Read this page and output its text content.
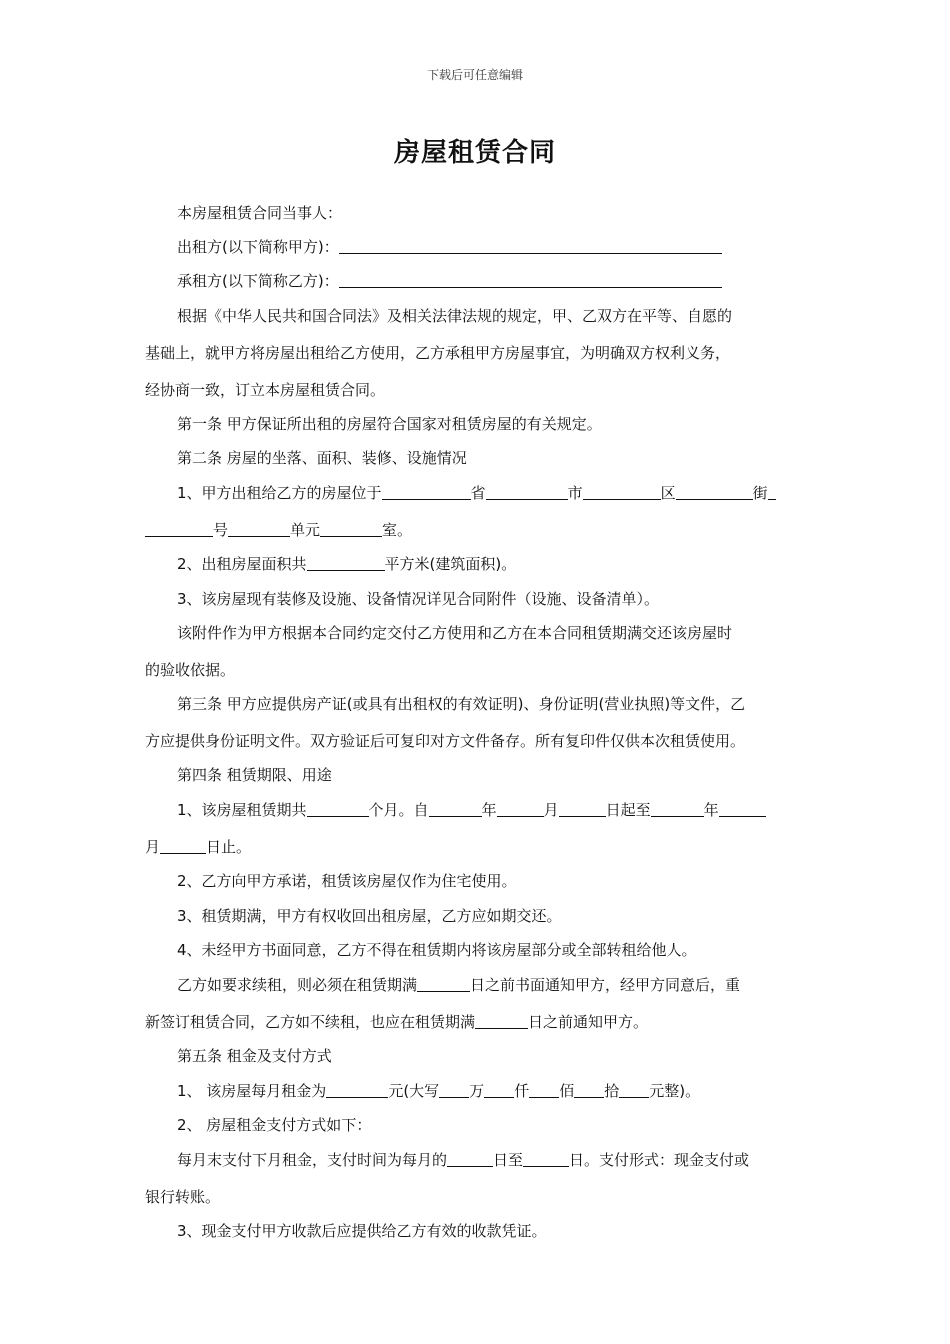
下载后可任意编辑
房屋租赁合同
本房屋租赁合同当事人：
出租方(以下简称甲方)：
承租方(以下简称乙方)：
根据《中华人民共和国合同法》及相关法律法规的规定，甲、乙双方在平等、自愿的
基础上，就甲方将房屋出租给乙方使用，乙方承租甲方房屋事宜，为明确双方权利义务，
经协商一致，订立本房屋租赁合同。
第一条 甲方保证所出租的房屋符合国家对租赁房屋的有关规定。
第二条 房屋的坐落、面积、装修、设施情况
1、甲方出租给乙方的房屋位于	省	市	区	街
号	单元	室。
2、出租房屋面积共	平方米(建筑面积)。
3、该房屋现有装修及设施、设备情况详见合同附件（设施、设备清单）。
该附件作为甲方根据本合同约定交付乙方使用和乙方在本合同租赁期满交还该房屋时
的验收依据。
第三条 甲方应提供房产证(或具有出租权的有效证明)、身份证明(营业执照)等文件，乙
方应提供身份证明文件。双方验证后可复印对方文件备存。所有复印件仅供本次租赁使用。
第四条 租赁期限、用途
1、该房屋租赁期共	个月。自	年	月	日起至	年
月	日止。
2、乙方向甲方承诺，租赁该房屋仅作为住宅使用。
3、租赁期满，甲方有权收回出租房屋，乙方应如期交还。
4、未经甲方书面同意，乙方不得在租赁期内将该房屋部分或全部转租给他人。
乙方如要求续租，则必须在租赁期满	日之前书面通知甲方，经甲方同意后，重
新签订租赁合同，乙方如不续租，也应在租赁期满	日之前通知甲方。
第五条 租金及支付方式
1、 该房屋每月租金为	元(大写 万 仟 佰 拾 元整)。
2、 房屋租金支付方式如下：
每月末支付下月租金，支付时间为每月的	日至	日。支付形式：现金支付或
银行转账。
3、现金支付甲方收款后应提供给乙方有效的收款凭证。
